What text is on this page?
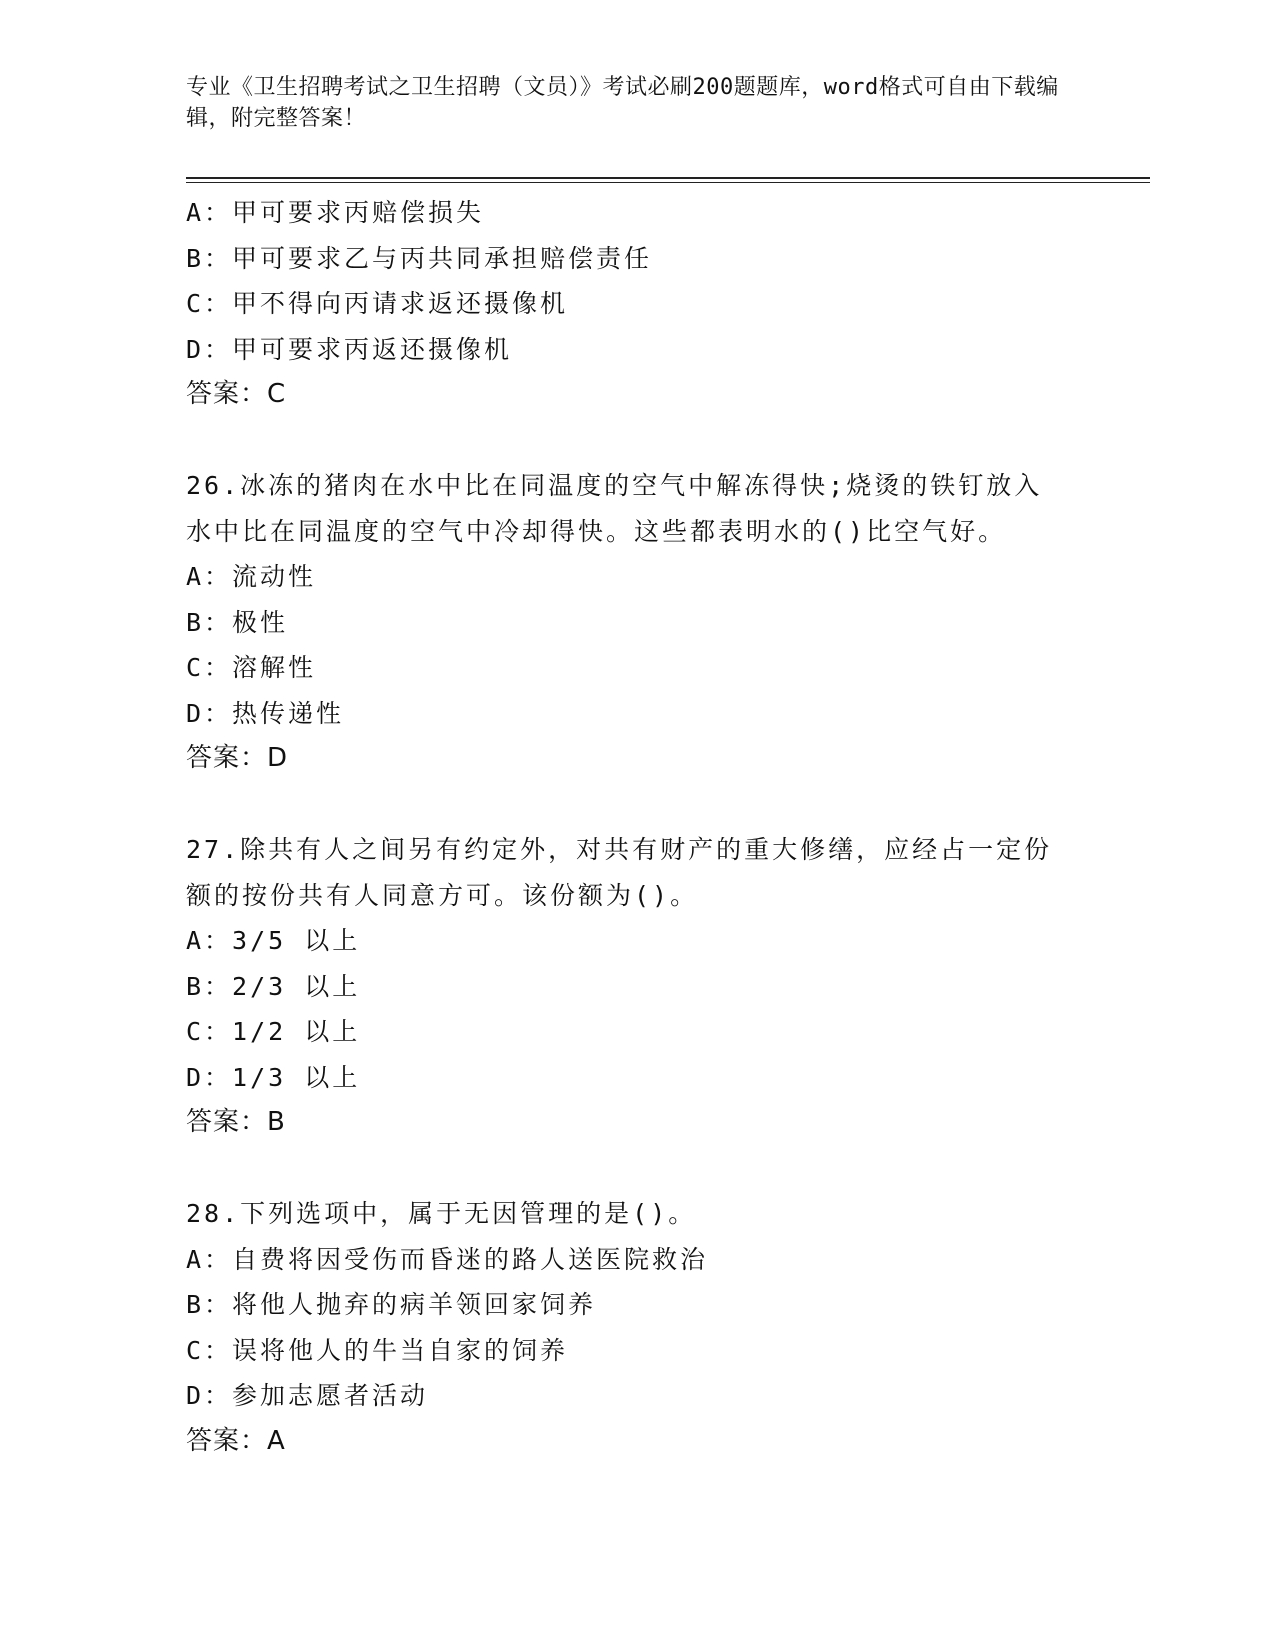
专业《卫生招聘考试之卫生招聘（文员）》考试必刷200题题库，word格式可自由下载编辑，附完整答案！
A：甲可要求丙赔偿损失
B：甲可要求乙与丙共同承担赔偿责任
C：甲不得向丙请求返还摄像机
D：甲可要求丙返还摄像机
答案：C
26.冰冻的猪肉在水中比在同温度的空气中解冻得快;烧烫的铁钉放入水中比在同温度的空气中冷却得快。这些都表明水的()比空气好。
A：流动性
B：极性
C：溶解性
D：热传递性
答案：D
27.除共有人之间另有约定外，对共有财产的重大修缮，应经占一定份额的按份共有人同意方可。该份额为()。
A：3/5 以上
B：2/3 以上
C：1/2 以上
D：1/3 以上
答案：B
28.下列选项中，属于无因管理的是()。
A：自费将因受伤而昏迷的路人送医院救治
B：将他人抛弃的病羊领回家饲养
C：误将他人的牛当自家的饲养
D：参加志愿者活动
答案：A
